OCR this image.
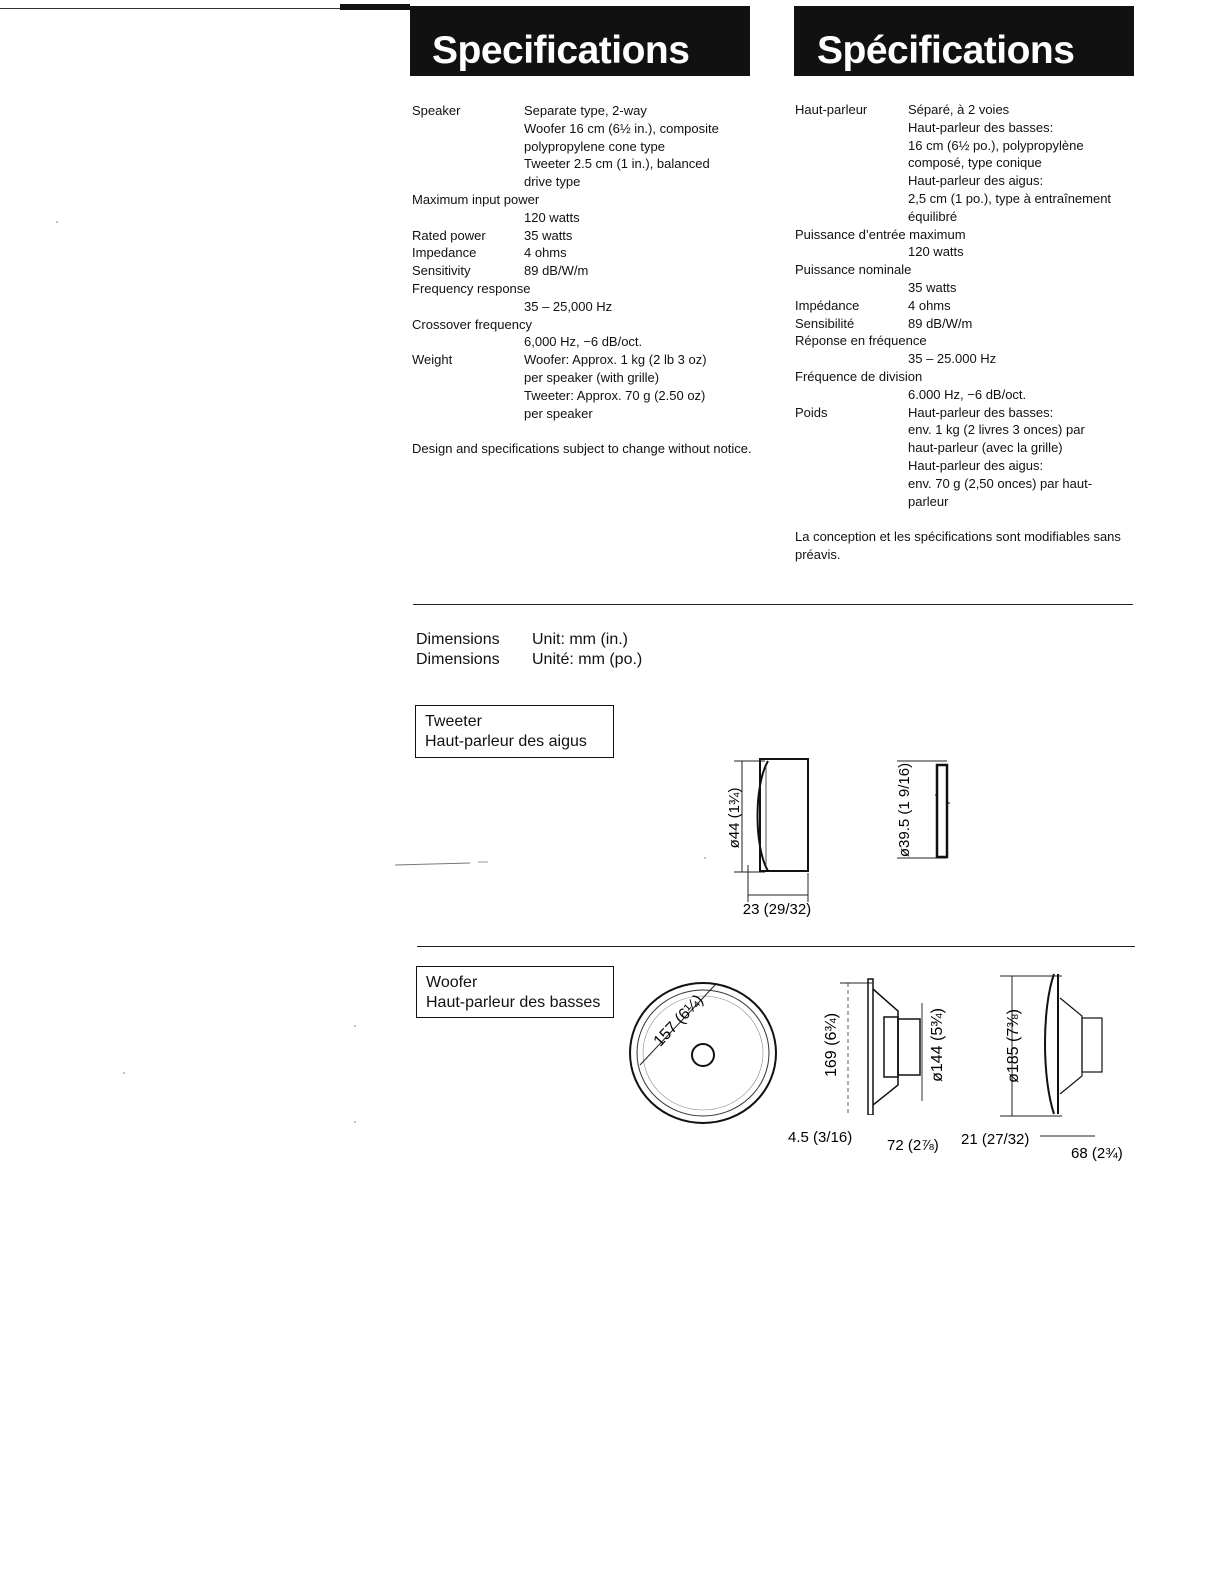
Specifications	Spécifications
Speaker	Separate type, 2-way
Woofer 16 cm (6½ in.), composite
polypropylene cone type
Tweeter 2.5 cm (1 in.), balanced
drive type
Maximum input power
120 watts
Rated power	35 watts
Impedance	4 ohms
Sensitivity	89 dB/W/m
Frequency response
35 – 25,000 Hz
Crossover frequency
6,000 Hz, −6 dB/oct.
Weight	Woofer: Approx. 1 kg (2 lb 3 oz)
per speaker (with grille)
Tweeter: Approx. 70 g (2.50 oz)
per speaker
Design and specifications subject to change without notice.
Haut-parleur	Séparé, à 2 voies
Haut-parleur des basses:
16 cm (6½ po.), polypropylène
composé, type conique
Haut-parleur des aigus:
2,5 cm (1 po.), type à entraînement
équilibré
Puissance d’entrée maximum
120 watts
Puissance nominale
35 watts
Impédance	4 ohms
Sensibilité	89 dB/W/m
Réponse en fréquence
35 – 25.000 Hz
Fréquence de division
6.000 Hz, −6 dB/oct.
Poids	Haut-parleur des basses:
env. 1 kg (2 livres 3 onces) par
haut-parleur (avec la grille)
Haut-parleur des aigus:
env. 70 g (2,50 onces) par haut-
parleur
La conception et les spécifications sont modifiables sans préavis.
Dimensions Unit: mm (in.)
Dimensions Unité: mm (po.)
Tweeter
Haut-parleur des aigus
ø44 (1¾)
23 (29/32)
ø39.5 (1 9/16)
Woofer
Haut-parleur des basses	157 (6¼)	169 (6¾)	ø144 (5¾)	ø185 (7⅜)
4.5 (3/16) 72 (2⅞) 21 (27/32)
68 (2¾)
